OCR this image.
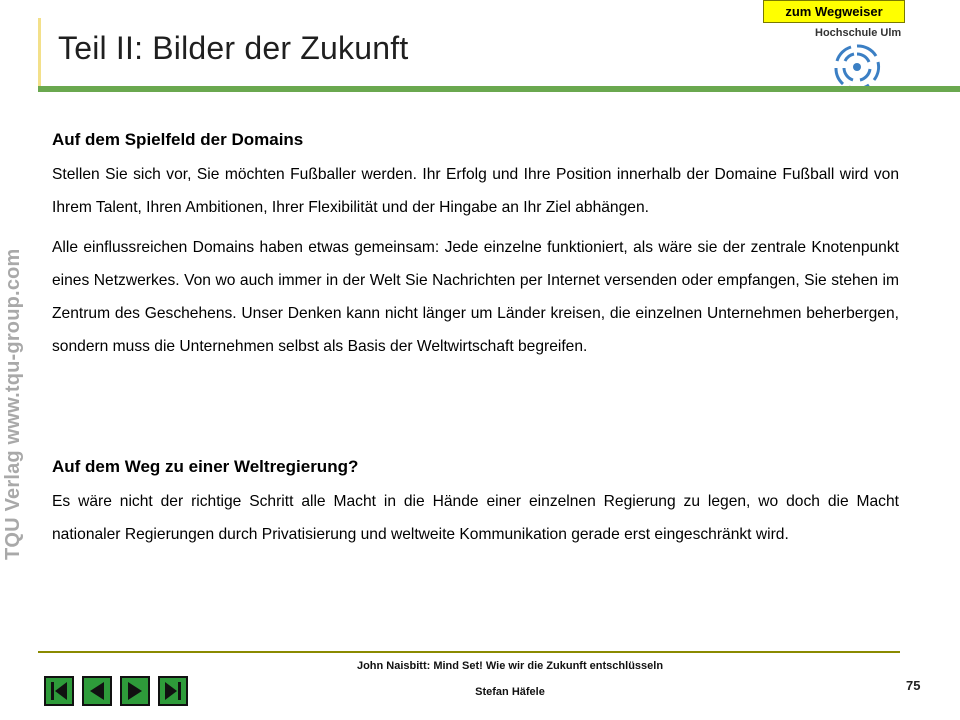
zum Wegweiser
Teil II: Bilder der Zukunft	Hochschule Ulm
TQU Verlag www.tqu-group.com
Auf dem Spielfeld der Domains

Stellen Sie sich vor, Sie möchten Fußballer werden. Ihr Erfolg und Ihre Position innerhalb der Domaine Fußball wird von Ihrem Talent, Ihren Ambitionen, Ihrer Flexibilität und der Hingabe an Ihr Ziel abhängen.

Alle einflussreichen Domains haben etwas gemeinsam: Jede einzelne funktioniert, als wäre sie der zentrale Knotenpunkt eines Netzwerkes. Von wo auch immer in der Welt Sie Nachrichten per Internet versenden oder empfangen, Sie stehen im Zentrum des Geschehens. Unser Denken kann nicht länger um Länder kreisen, die einzelnen Unternehmen beherbergen, sondern muss die Unternehmen selbst als Basis der Weltwirtschaft begreifen.

Auf dem Weg zu einer Weltregierung?

Es wäre nicht der richtige Schritt alle Macht in die Hände einer einzelnen Regierung zu legen, wo doch die Macht nationaler Regierungen durch Privatisierung und weltweite Kommunikation gerade erst eingeschränkt wird.

John Naisbitt: Mind Set! Wie wir die Zukunft entschlüsseln
Stefan Häfele	75
